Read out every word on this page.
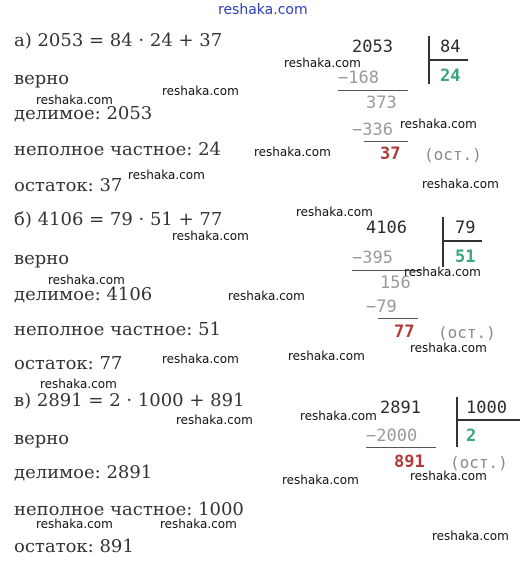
reshaka.com
а) 2053 = 84 · 24 + 37
верно
делимое: 2053
неполное частное: 24
остаток: 37
2053	84
24
−168
373
−336
37 (ост.)
б) 4106 = 79 · 51 + 77
верно
делимое: 4106
неполное частное: 51
остаток: 77
4106	79
51
−395
156
−79
77 (ост.)
в) 2891 = 2 · 1000 + 891
верно
делимое: 2891
неполное частное: 1000
остаток: 891
2891	1000
2
−2000
891 (ост.)
reshaka.com
reshaka.com
reshaka.com
reshaka.com
reshaka.com
reshaka.com
reshaka.com
reshaka.com
reshaka.com
reshaka.com
reshaka.com
reshaka.com
reshaka.com
reshaka.com
reshaka.com
reshaka.com
reshaka.com
reshaka.com
reshaka.com
reshaka.com
reshaka.com	reshaka.com
reshaka.com
